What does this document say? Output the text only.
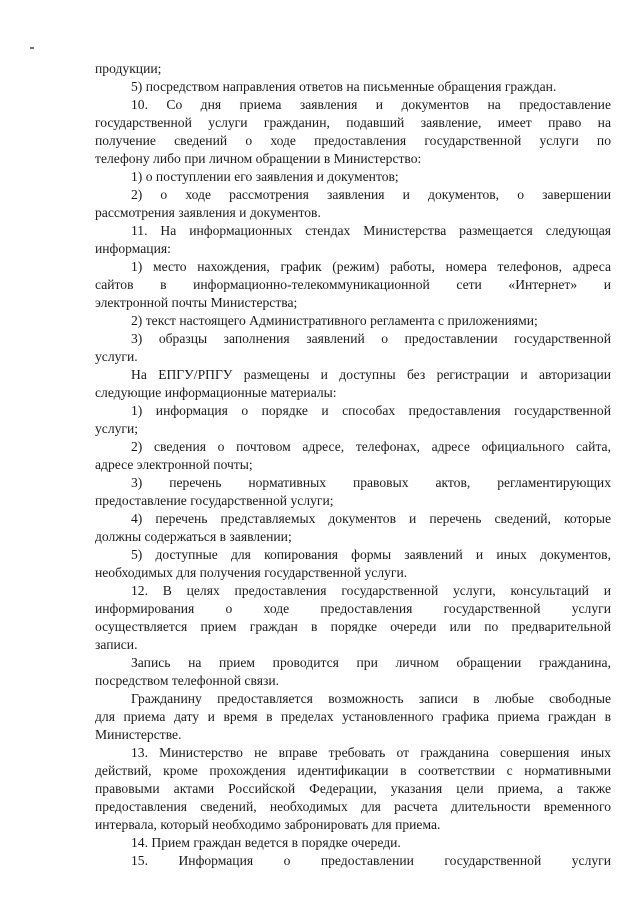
продукции;
5) посредством направления ответов на письменные обращения граждан.
10. Со дня приема заявления и документов на предоставление
государственной услуги гражданин, подавший заявление, имеет право на
получение сведений о ходе предоставления государственной услуги по
телефону либо при личном обращении в Министерство:
1) о поступлении его заявления и документов;
2) о ходе рассмотрения заявления и документов, о завершении
рассмотрения заявления и документов.
11. На информационных стендах Министерства размещается следующая
информация:
1) место нахождения, график (режим) работы, номера телефонов, адреса
сайтов в информационно-телекоммуникационной сети «Интернет» и
электронной почты Министерства;
2) текст настоящего Административного регламента с приложениями;
3) образцы заполнения заявлений о предоставлении государственной
услуги.
На ЕПГУ/РПГУ размещены и доступны без регистрации и авторизации
следующие информационные материалы:
1) информация о порядке и способах предоставления государственной
услуги;
2) сведения о почтовом адресе, телефонах, адресе официального сайта,
адресе электронной почты;
3) перечень нормативных правовых актов, регламентирующих
предоставление государственной услуги;
4) перечень представляемых документов и перечень сведений, которые
должны содержаться в заявлении;
5) доступные для копирования формы заявлений и иных документов,
необходимых для получения государственной услуги.
12. В целях предоставления государственной услуги, консультаций и
информирования о ходе предоставления государственной услуги
осуществляется прием граждан в порядке очереди или по предварительной
записи.
Запись на прием проводится при личном обращении гражданина,
посредством телефонной связи.
Гражданину предоставляется возможность записи в любые свободные
для приема дату и время в пределах установленного графика приема граждан в
Министерстве.
13. Министерство не вправе требовать от гражданина совершения иных
действий, кроме прохождения идентификации в соответствии с нормативными
правовыми актами Российской Федерации, указания цели приема, а также
предоставления сведений, необходимых для расчета длительности временного
интервала, который необходимо забронировать для приема.
14. Прием граждан ведется в порядке очереди.
15. Информация о предоставлении государственной услуги
